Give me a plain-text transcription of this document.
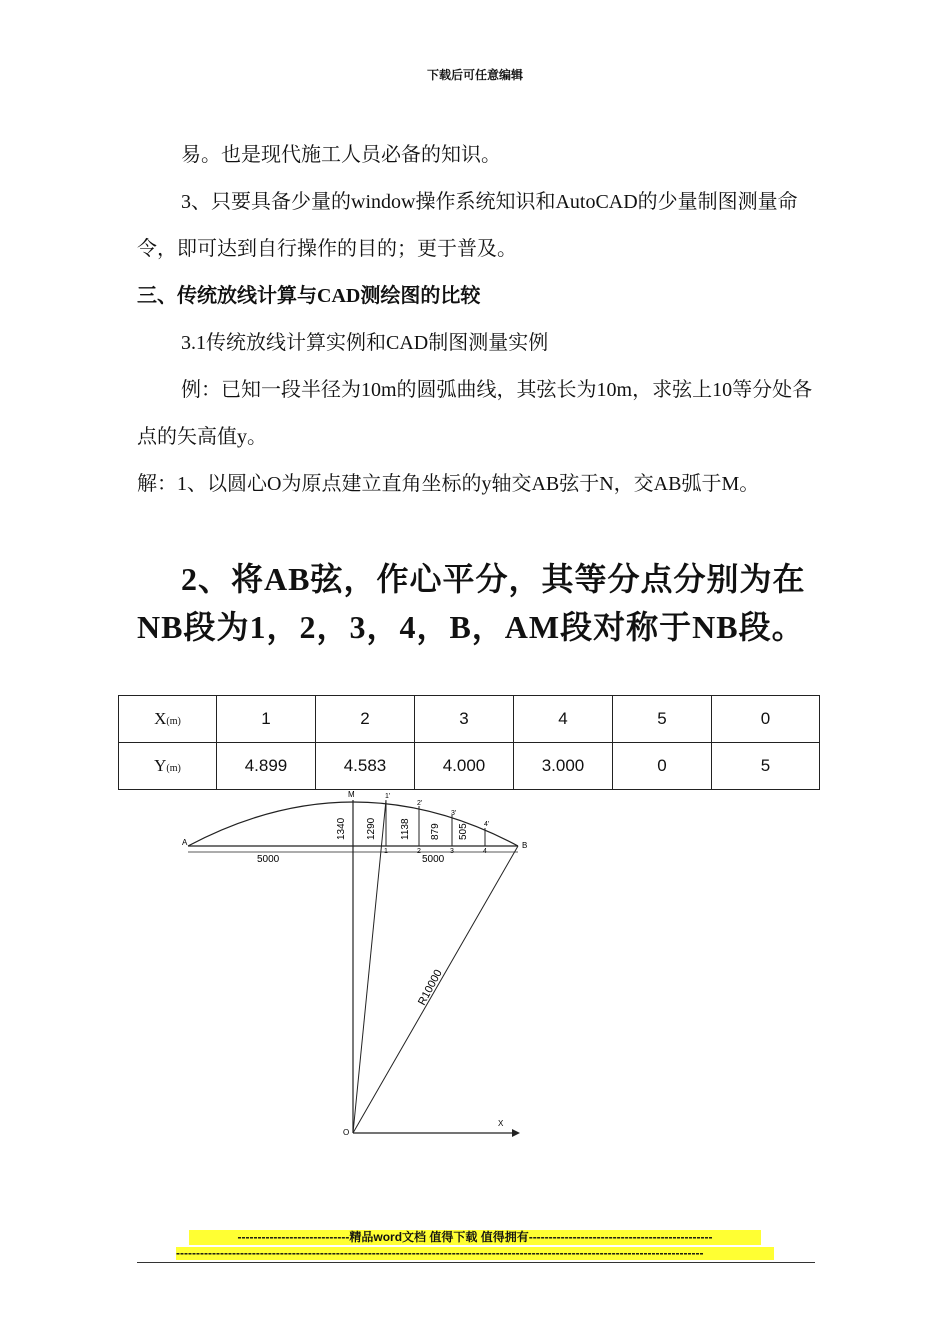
下载后可任意编辑
易。也是现代施工人员必备的知识。
3、只要具备少量的window操作系统知识和AutoCAD的少量制图测量命令，即可达到自行操作的目的；更于普及。
三、传统放线计算与CAD测绘图的比较
3.1传统放线计算实例和CAD制图测量实例
例：已知一段半径为10m的圆弧曲线，其弦长为10m，求弦上10等分处各点的矢高值y。
解：1、以圆心O为原点建立直角坐标的y轴交AB弦于N，交AB弧于M。
2、将AB弦，作心平分，其等分点分别为在NB段为1，2，3，4，B，AM段对称于NB段。
X(m)	1	2	3	4	5	0
Y(m)	4.899	4.583	4.000	3.000	0	5
A	B
M
O
X
5000	5000
R10000
1340 1290 1138 879 505
1	2	3	4
1'
2'
3'
4'
----------------------------精品word文档 值得下载 值得拥有----------------------------------------------
------------------------------------------------------------------------------------------------------------------------------------
